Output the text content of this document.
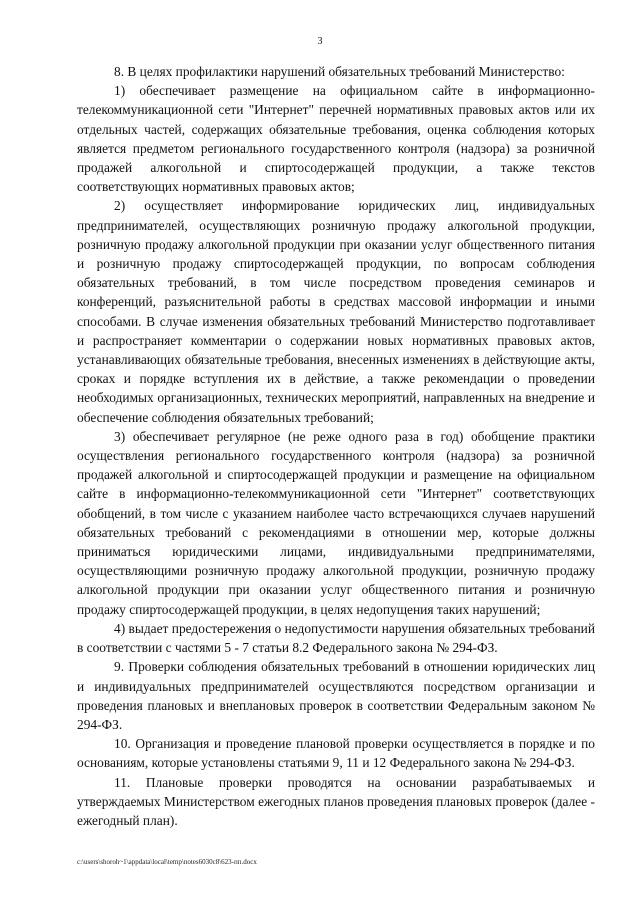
3

8. В целях профилактики нарушений обязательных требований Министерство:

1) обеспечивает размещение на официальном сайте в информационно-телекоммуникационной сети "Интернет" перечней нормативных правовых актов или их отдельных частей, содержащих обязательные требования, оценка соблюдения которых является предметом регионального государственного контроля (надзора) за розничной продажей алкогольной и спиртосодержащей продукции, а также текстов соответствующих нормативных правовых актов;

2) осуществляет информирование юридических лиц, индивидуальных предпринимателей, осуществляющих розничную продажу алкогольной продукции, розничную продажу алкогольной продукции при оказании услуг общественного питания и розничную продажу спиртосодержащей продукции, по вопросам соблюдения обязательных требований, в том числе посредством проведения семинаров и конференций, разъяснительной работы в средствах массовой информации и иными способами. В случае изменения обязательных требований Министерство подготавливает и распространяет комментарии о содержании новых нормативных правовых актов, устанавливающих обязательные требования, внесенных изменениях в действующие акты, сроках и порядке вступления их в действие, а также рекомендации о проведении необходимых организационных, технических мероприятий, направленных на внедрение и обеспечение соблюдения обязательных требований;

3) обеспечивает регулярное (не реже одного раза в год) обобщение практики осуществления регионального государственного контроля (надзора) за розничной продажей алкогольной и спиртосодержащей продукции и размещение на официальном сайте в информационно-телекоммуникационной сети "Интернет" соответствующих обобщений, в том числе с указанием наиболее часто встречающихся случаев нарушений обязательных требований с рекомендациями в отношении мер, которые должны приниматься юридическими лицами, индивидуальными предпринимателями, осуществляющими розничную продажу алкогольной продукции, розничную продажу алкогольной продукции при оказании услуг общественного питания и розничную продажу спиртосодержащей продукции, в целях недопущения таких нарушений;

4) выдает предостережения о недопустимости нарушения обязательных требований в соответствии с частями 5 - 7 статьи 8.2 Федерального закона № 294-ФЗ.

9. Проверки соблюдения обязательных требований в отношении юридических лиц и индивидуальных предпринимателей осуществляются посредством организации и проведения плановых и внеплановых проверок в соответствии Федеральным законом № 294-ФЗ.

10. Организация и проведение плановой проверки осуществляется в порядке и по основаниям, которые установлены статьями 9, 11 и 12 Федерального закона № 294-ФЗ.

11. Плановые проверки проводятся на основании разрабатываемых и утверждаемых Министерством ежегодных планов проведения плановых проверок (далее - ежегодный план).

c:\users\shoroh~1\appdata\local\temp\notes6030c8\623-пп.docx
